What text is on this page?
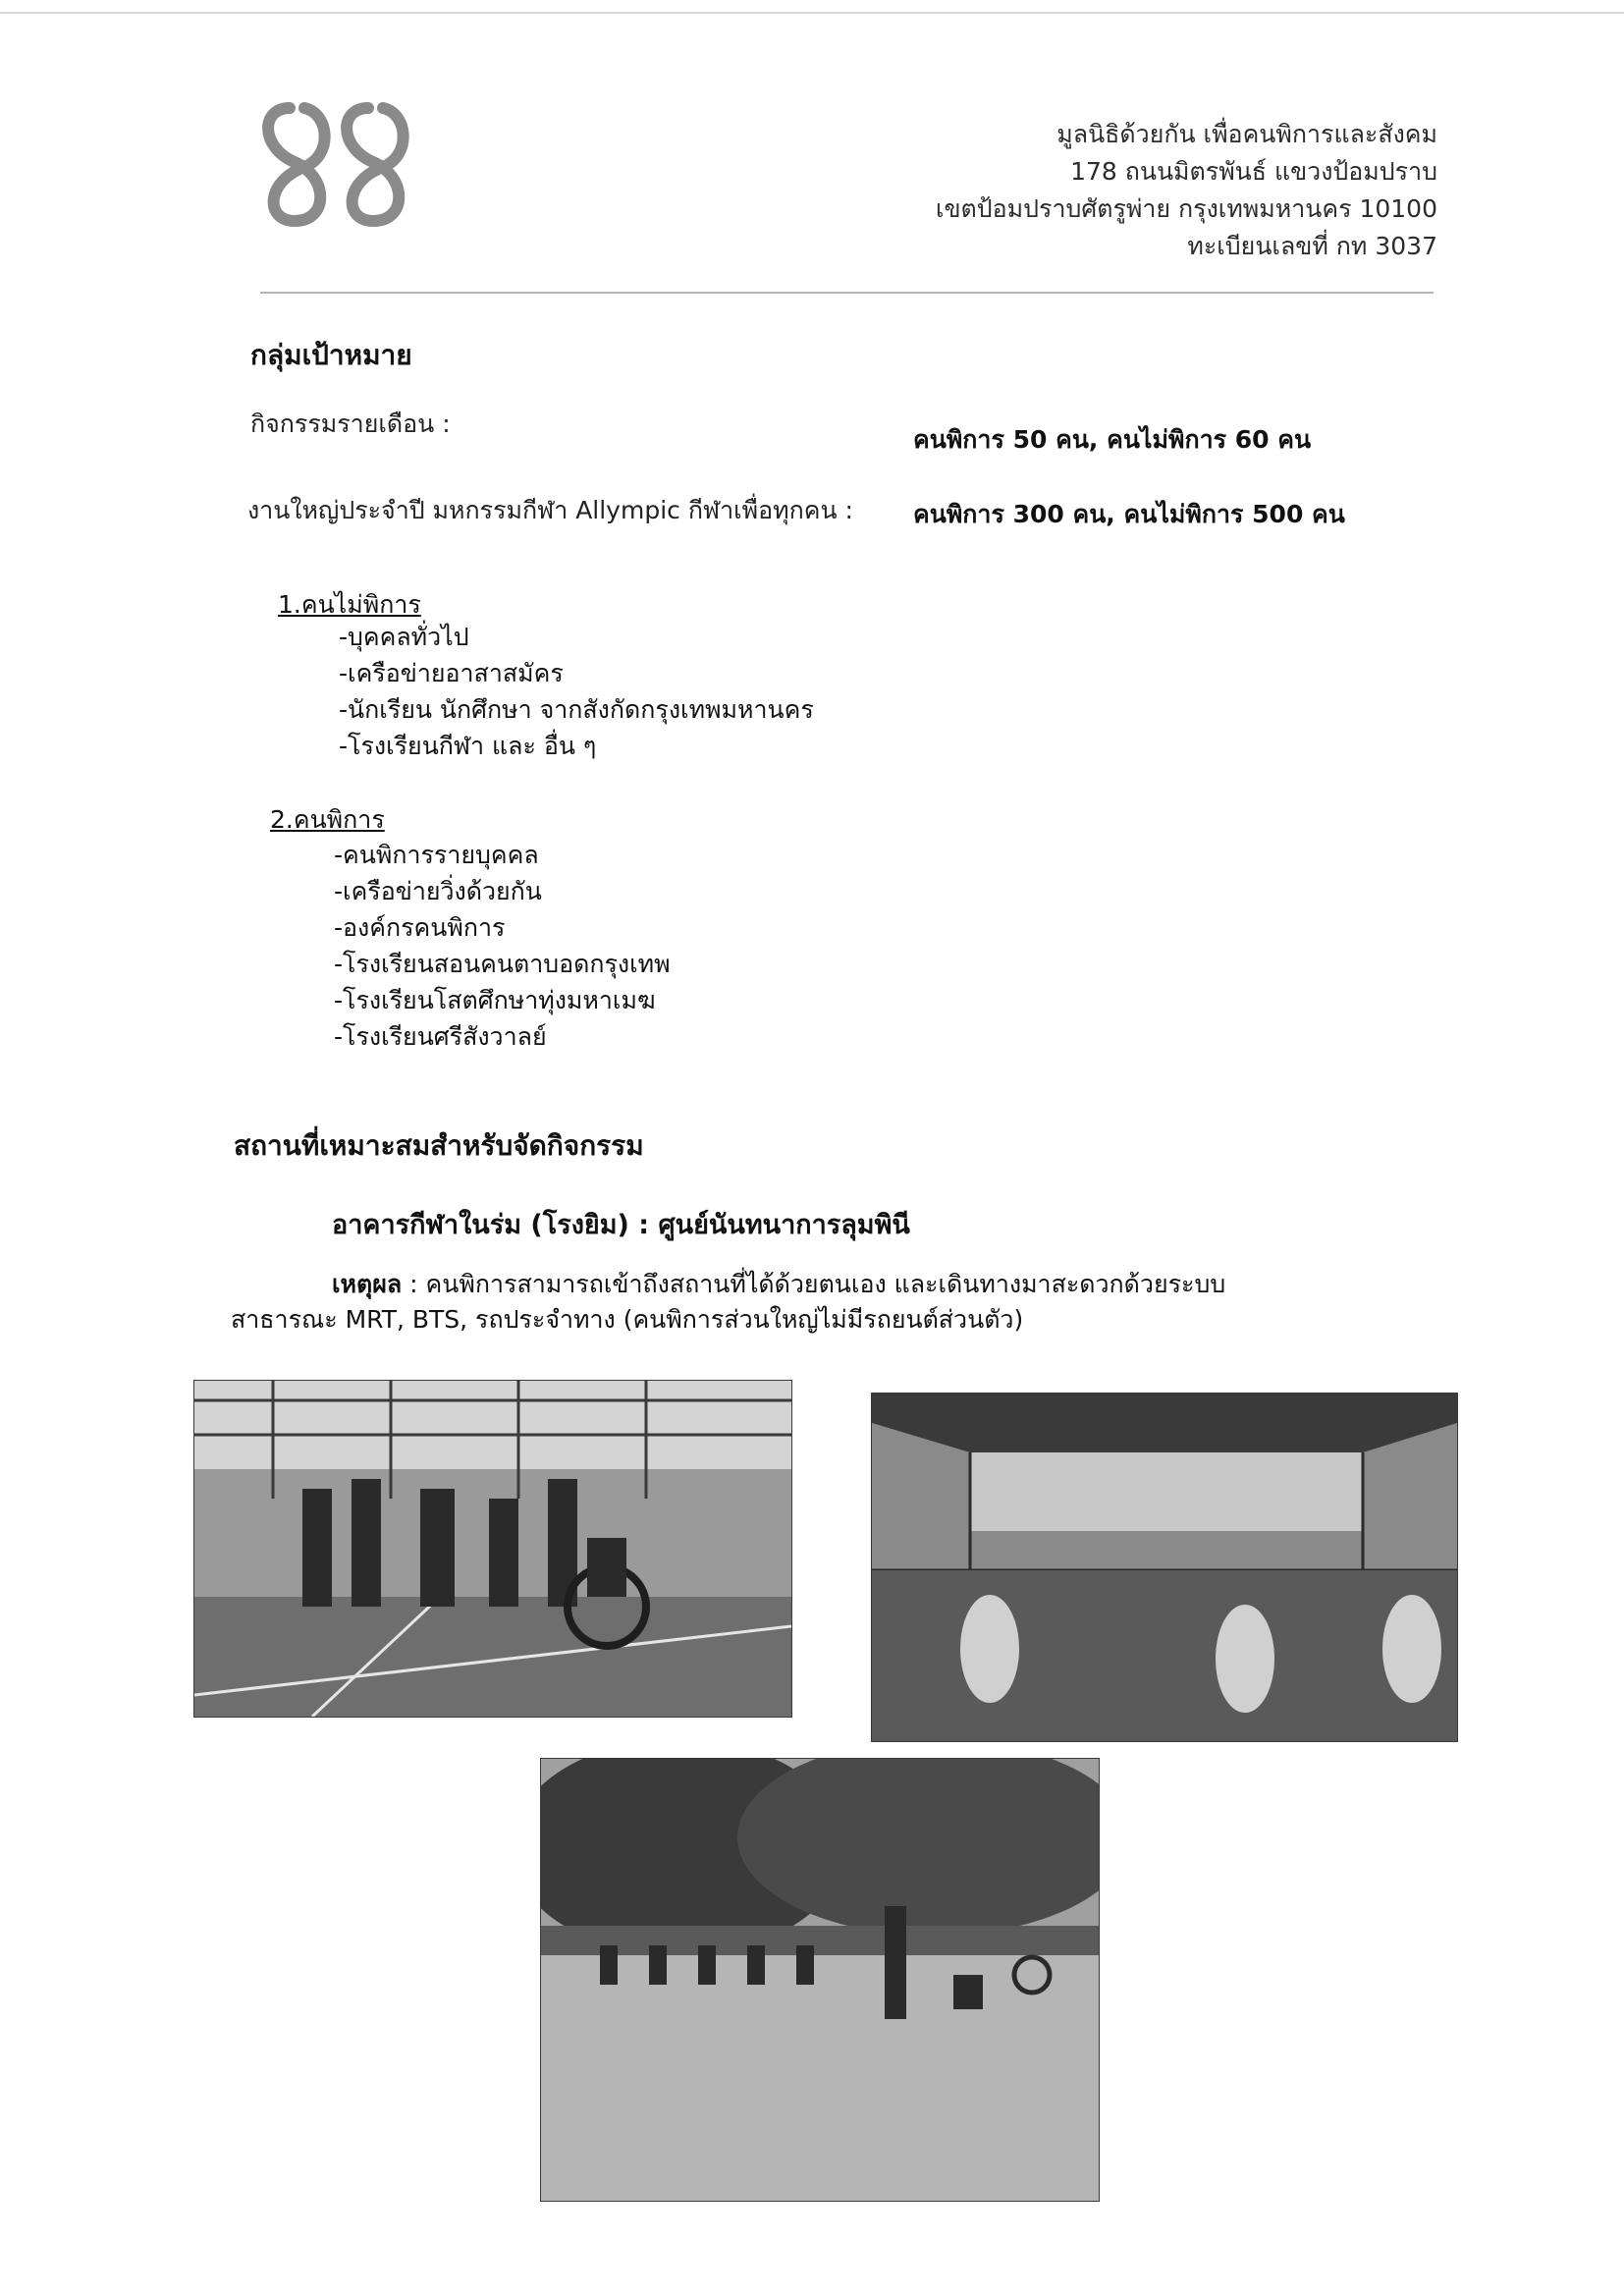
มูลนิธิด้วยกัน เพื่อคนพิการและสังคม
178 ถนนมิตรพันธ์ แขวงป้อมปราบ
เขตป้อมปราบศัตรูพ่าย กรุงเทพมหานคร 10100
ทะเบียนเลขที่ กท 3037
กลุ่มเป้าหมาย
กิจกรรมรายเดือน :
คนพิการ 50 คน, คนไม่พิการ 60 คน
งานใหญ่ประจำปี มหกรรมกีฬา Allympic กีฬาเพื่อทุกคน : คนพิการ 300 คน, คนไม่พิการ 500 คน
1.คนไม่พิการ
-บุคคลทั่วไป
-เครือข่ายอาสาสมัคร
-นักเรียน นักศึกษา จากสังกัดกรุงเทพมหานคร
-โรงเรียนกีฬา และ อื่น ๆ
2.คนพิการ
-คนพิการรายบุคคล
-เครือข่ายวิ่งด้วยกัน
-องค์กรคนพิการ
-โรงเรียนสอนคนตาบอดกรุงเทพ
-โรงเรียนโสตศึกษาทุ่งมหาเมฆ
-โรงเรียนศรีสังวาลย์
สถานที่เหมาะสมสำหรับจัดกิจกรรม
อาคารกีฬาในร่ม (โรงยิม) : ศูนย์นันทนาการลุมพินี
เหตุผล : คนพิการสามารถเข้าถึงสถานที่ได้ด้วยตนเอง และเดินทางมาสะดวกด้วยระบบ
สาธารณะ MRT, BTS, รถประจำทาง (คนพิการส่วนใหญ่ไม่มีรถยนต์ส่วนตัว)
